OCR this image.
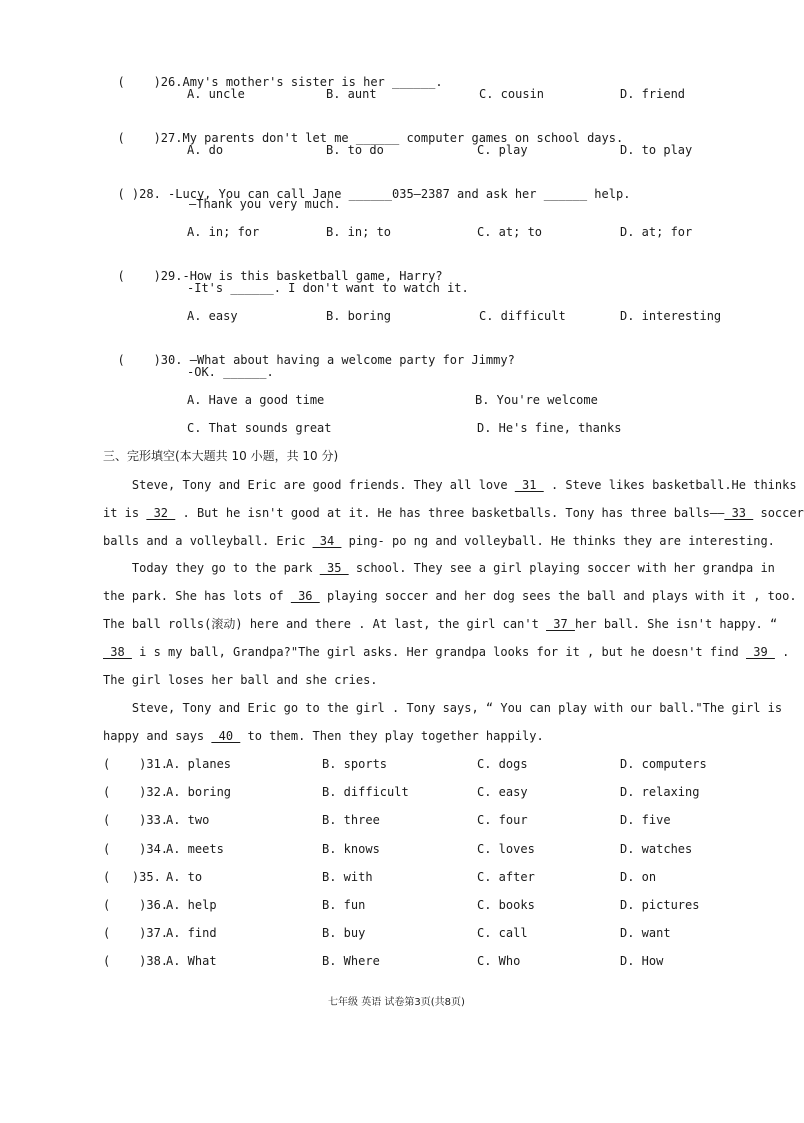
(    )26.Amy's mother's sister is her ______.

A. uncle	B. aunt	C. cousin	D. friend

(    )27.My parents don't let me ______ computer games on school days.

A. do	B. to do	C. play	D. to play

( )28. -Lucy, You can call Jane ______035—2387 and ask her ______ help.

–Thank you very much.
A. in; for	B. in; to	C. at; to	D. at; for

(    )29.-How is this basketball game, Harry?

-It's ______. I don't want to watch it.
A. easy	B. boring	C. difficult	D. interesting

(    )30. –What about having a welcome party for Jimmy?

-OK. ______.
A. Have a good time	B. You're welcome
C. That sounds great	D. He's fine, thanks
三、完形填空(本大题共 10 小题，共 10 分)
Steve, Tony and Eric are good friends. They all love  31  . Steve likes basketball.He thinks
it is  32  . But he isn't good at it. He has three basketballs. Tony has three balls—— 33  soccer
balls and a volleyball. Eric  34  ping- po ng and volleyball. He thinks they are interesting.
Today they go to the park  35  school. They see a girl playing soccer with her grandpa in
the park. She has lots of  36  playing soccer and her dog sees the ball and plays with it , too.
The ball rolls(滚动) here and there . At last, the girl can't  37 her ball. She isn't happy. “
38  i s my ball, Grandpa?"The girl asks. Her grandpa looks for it , but he doesn't find  39  .
The girl loses her ball and she cries.
Steve, Tony and Eric go to the girl . Tony says, “ You can play with our ball."The girl is
happy and says  40  to them. Then they play together happily.
(    )31.
A. planes	B. sports	C. dogs	D. computers
(    )32.
A. boring	B. difficult	C. easy	D. relaxing
(    )33.
A. two	B. three	C. four	D. five
(    )34.
A. meets	B. knows	C. loves	D. watches
(   )35. A. to	B. with	C. after	D. on
(    )36.
A. help	B. fun	C. books	D. pictures
(    )37.
A. find	B. buy	C. call	D. want
(    )38.
A. What	B. Where	C. Who	D. How
七年级 英语 试卷第3页(共8页)
